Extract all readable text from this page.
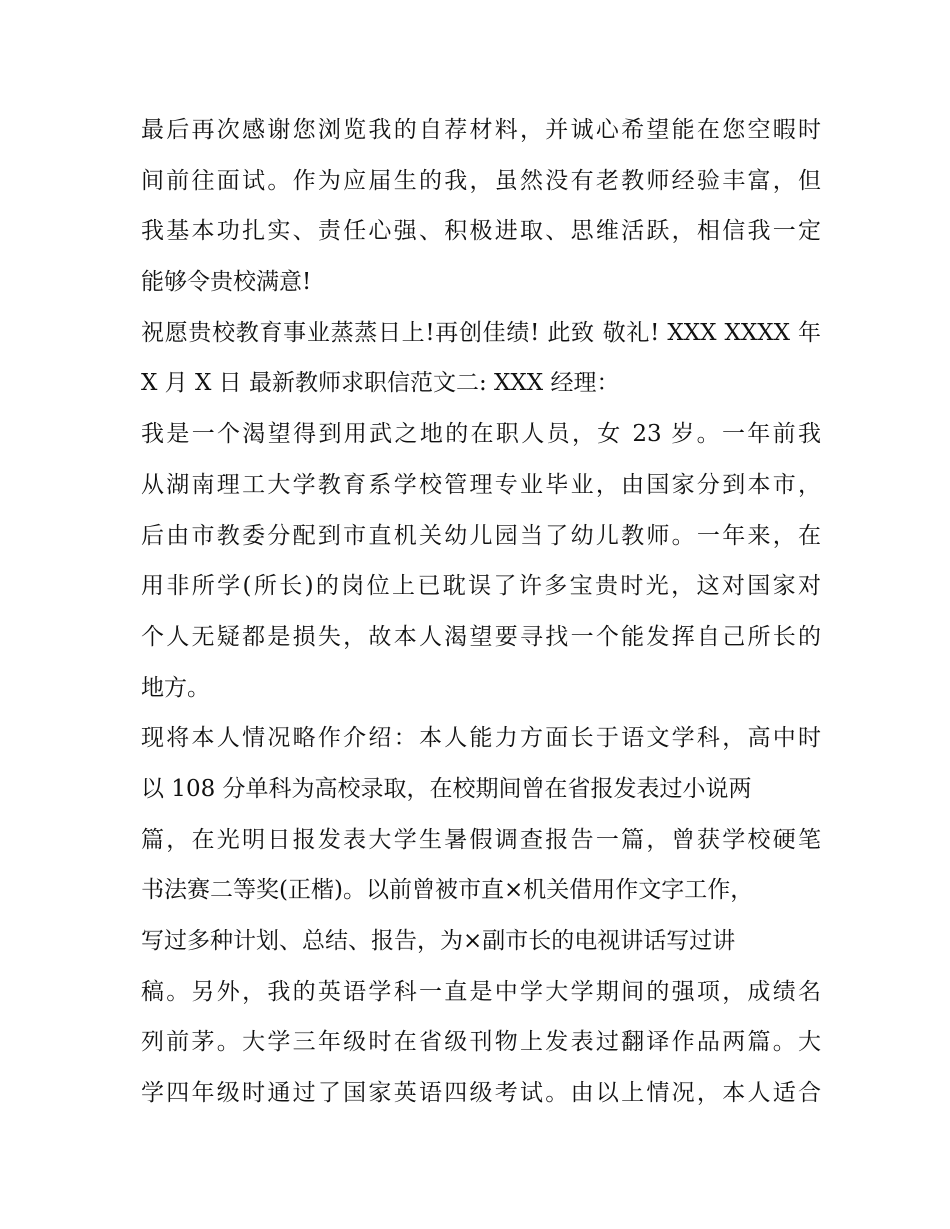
最后再次感谢您浏览我的自荐材料，并诚心希望能在您空暇时
间前往面试。作为应届生的我，虽然没有老教师经验丰富，但
我基本功扎实、责任心强、积极进取、思维活跃，相信我一定
能够令贵校满意!
祝愿贵校教育事业蒸蒸日上!再创佳绩! 此致 敬礼! XXX XXXX 年
X 月 X 日 最新教师求职信范文二: XXX 经理：
我是一个渴望得到用武之地的在职人员，女 23 岁。一年前我
从湖南理工大学教育系学校管理专业毕业，由国家分到本市，
后由市教委分配到市直机关幼儿园当了幼儿教师。一年来，在
用非所学(所长)的岗位上已耽误了许多宝贵时光，这对国家对
个人无疑都是损失，故本人渴望要寻找一个能发挥自己所长的
地方。
现将本人情况略作介绍：本人能力方面长于语文学科，高中时
以 108 分单科为高校录取，在校期间曾在省报发表过小说两
篇，在光明日报发表大学生暑假调查报告一篇，曾获学校硬笔
书法赛二等奖(正楷)。以前曾被市直×机关借用作文字工作，
写过多种计划、总结、报告，为×副市长的电视讲话写过讲
稿。另外，我的英语学科一直是中学大学期间的强项，成绩名
列前茅。大学三年级时在省级刊物上发表过翻译作品两篇。大
学四年级时通过了国家英语四级考试。由以上情况，本人适合
